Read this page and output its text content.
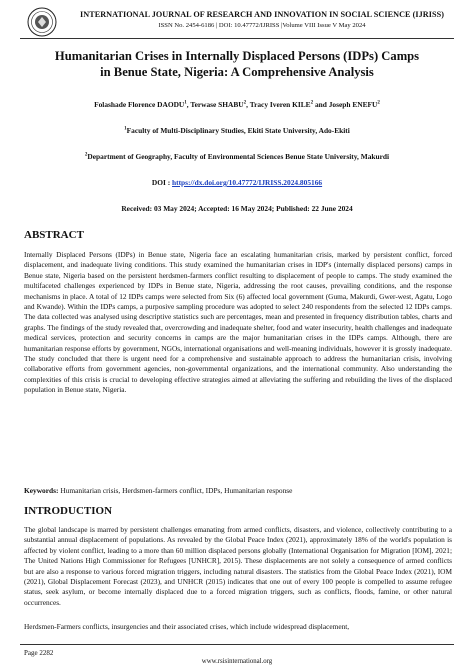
INTERNATIONAL JOURNAL OF RESEARCH AND INNOVATION IN SOCIAL SCIENCE (IJRISS)
ISSN No. 2454-6186 | DOI: 10.47772/IJRISS |Volume VIII Issue V May 2024
Humanitarian Crises in Internally Displaced Persons (IDPs) Camps
in Benue State, Nigeria: A Comprehensive Analysis
Folashade Florence DAODU$^1$, Terwase SHABU$^2$, Tracy Iveren KILE$^2$ and Joseph ENEFU$^2$
$^1$Faculty of Multi-Disciplinary Studies, Ekiti State University, Ado-Ekiti
$^2$Department of Geography, Faculty of Environmental Sciences Benue State University, Makurdi
DOI : https://dx.doi.org/10.47772/IJRISS.2024.805166
Received: 03 May 2024; Accepted: 16 May 2024; Published: 22 June 2024
ABSTRACT

Internally Displaced Persons (IDPs) in Benue state, Nigeria face an escalating humanitarian crisis, marked by persistent conflict, forced displacement, and inadequate living conditions. This study examined the humanitarian crises in IDP's (internally displaced persons) camps in Benue state, Nigeria based on the persistent herdsmen-farmers conflict resulting to displacement of people to camps. The study examined the multifaceted challenges experienced by IDPs in Benue state, Nigeria, addressing the root causes, prevailing conditions, and the response mechanisms in place. A total of 12 IDPs camps were selected from Six (6) affected local government (Guma, Makurdi, Gwer-west, Agatu, Logo and Kwande). Within the IDPs camps, a purposive sampling procedure was adopted to select 240 respondents from the selected 12 IDPs camps. The data collected was analysed using descriptive statistics such are percentages, mean and presented in frequency distribution tables, charts and graphs. The findings of the study revealed that, overcrowding and inadequate shelter, food and water insecurity, health challenges and inadequate medical services, protection and security concerns in camps are the major humanitarian crises in the IDPs camps. Although, there are humanitarian response efforts by government, NGOs, international organisations and well-meaning individuals, however it is grossly inadequate. The study concluded that there is urgent need for a comprehensive and sustainable approach to address the humanitarian crisis, involving collaborative efforts from government agencies, non-governmental organizations, and the international community. Also understanding the complexities of this crisis is crucial to developing effective strategies aimed at alleviating the suffering and rebuilding the lives of the displaced population in Benue state, Nigeria.

Keywords: Humanitarian crisis, Herdsmen-farmers conflict, IDPs, Humanitarian response
INTRODUCTION

The global landscape is marred by persistent challenges emanating from armed conflicts, disasters, and violence, collectively contributing to a substantial annual displacement of populations. As revealed by the Global Peace Index (2021), approximately 18% of the world's population is affected by violent conflict, leading to a more than 60 million displaced persons globally (International Organisation for Migration [IOM], 2021; The United Nations High Commissioner for Refugees [UNHCR], 2015). These displacements are not solely a consequence of armed conflicts but are also a response to various forced migration triggers, including natural disasters. The statistics from the Global Peace Index (2021), IOM (2021), Global Displacement Forecast (2023), and UNHCR (2015) indicates that one out of every 100 people is compelled to assume refugee status, seek asylum, or become internally displaced due to a forced migration triggers, such as conflicts, floods, famine, or other natural occurrences.

Herdsmen-Farmers conflicts, insurgencies and their associated crises, which include widespread displacement,

Page 2282
www.rsisinternational.org
